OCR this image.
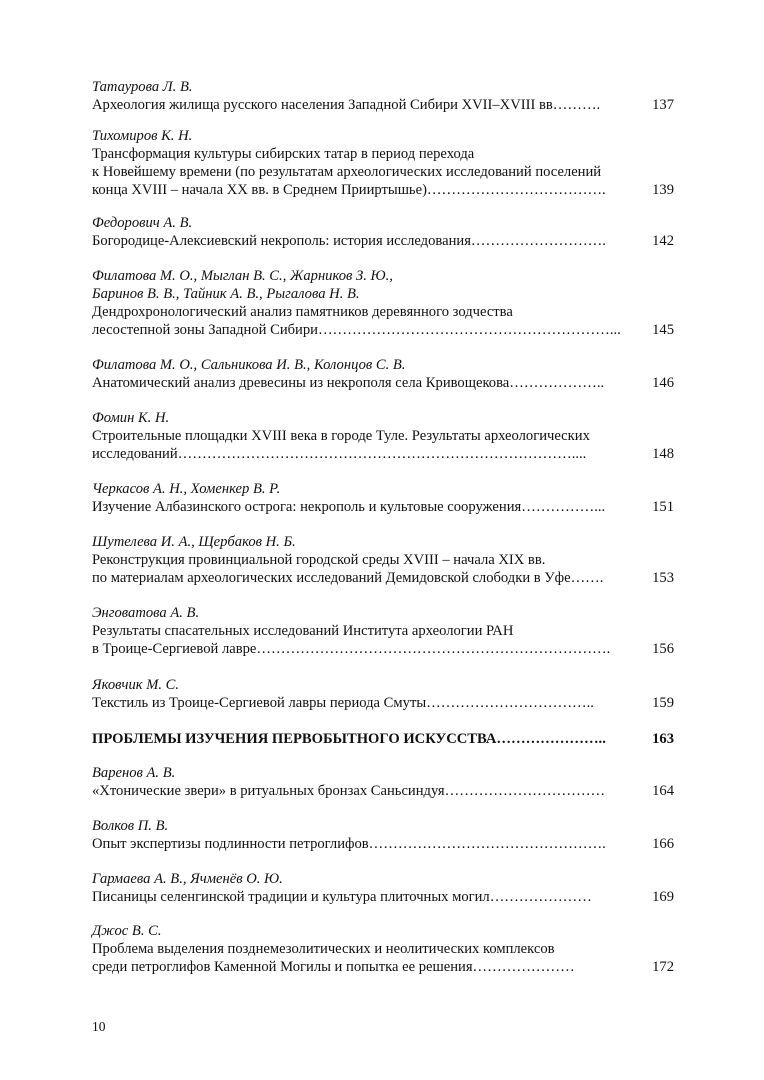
Татаурова Л. В.
Археология жилища русского населения Западной Сибири XVII–XVIII вв……….	137
Тихомиров К. Н.
Трансформация культуры сибирских татар в период перехода
к Новейшему времени (по результатам археологических исследований поселений
конца XVIII – начала XX вв. в Среднем Прииртышье)……………………………….	139
Федорович А. В.
Богородице-Алексиевский некрополь: история исследования……………………….	142
Филатова М. О., Мыглан В. С., Жарников З. Ю.,
Баринов В. В., Тайник А. В., Рыгалова Н. В.
Дендрохронологический анализ памятников деревянного зодчества
лесостепной зоны Западной Сибири……………………………………………………...	145
Филатова М. О., Сальникова И. В., Колонцов С. В.
Анатомический анализ древесины из некрополя села Кривощекова………………..	146
Фомин К. Н.
Строительные площадки XVIII века в городе Туле. Результаты археологических
исследований………………………………………………………………………....	148
Черкасов А. Н., Хоменкер В. Р.
Изучение Албазинского острога: некрополь и культовые сооружения……………...	151
Шутелева И. А., Щербаков Н. Б.
Реконструкция провинциальной городской среды XVIII – начала XIX вв.
по материалам археологических исследований Демидовской слободки в Уфе…….	153
Энговатова А. В.
Результаты спасательных исследований Института археологии РАН
в Троице-Сергиевой лавре……………………………………………………………….	156
Яковчик М. С.
Текстиль из Троице-Сергиевой лавры периода Смуты……………………………..	159
ПРОБЛЕМЫ ИЗУЧЕНИЯ ПЕРВОБЫТНОГО ИСКУССТВА…………………..	163
Варенов А. В.
«Хтонические звери» в ритуальных бронзах Саньсиндуя……………………………	164
Волков П. В.
Опыт экспертизы подлинности петроглифов………………………………………….	166
Гармаева А. В., Ячменёв О. Ю.
Писаницы селенгинской традиции и культура плиточных могил…………………	169
Джос В. С.
Проблема выделения позднемезолитических и неолитических комплексов
среди петроглифов Каменной Могилы и попытка ее решения…………………	172
10
